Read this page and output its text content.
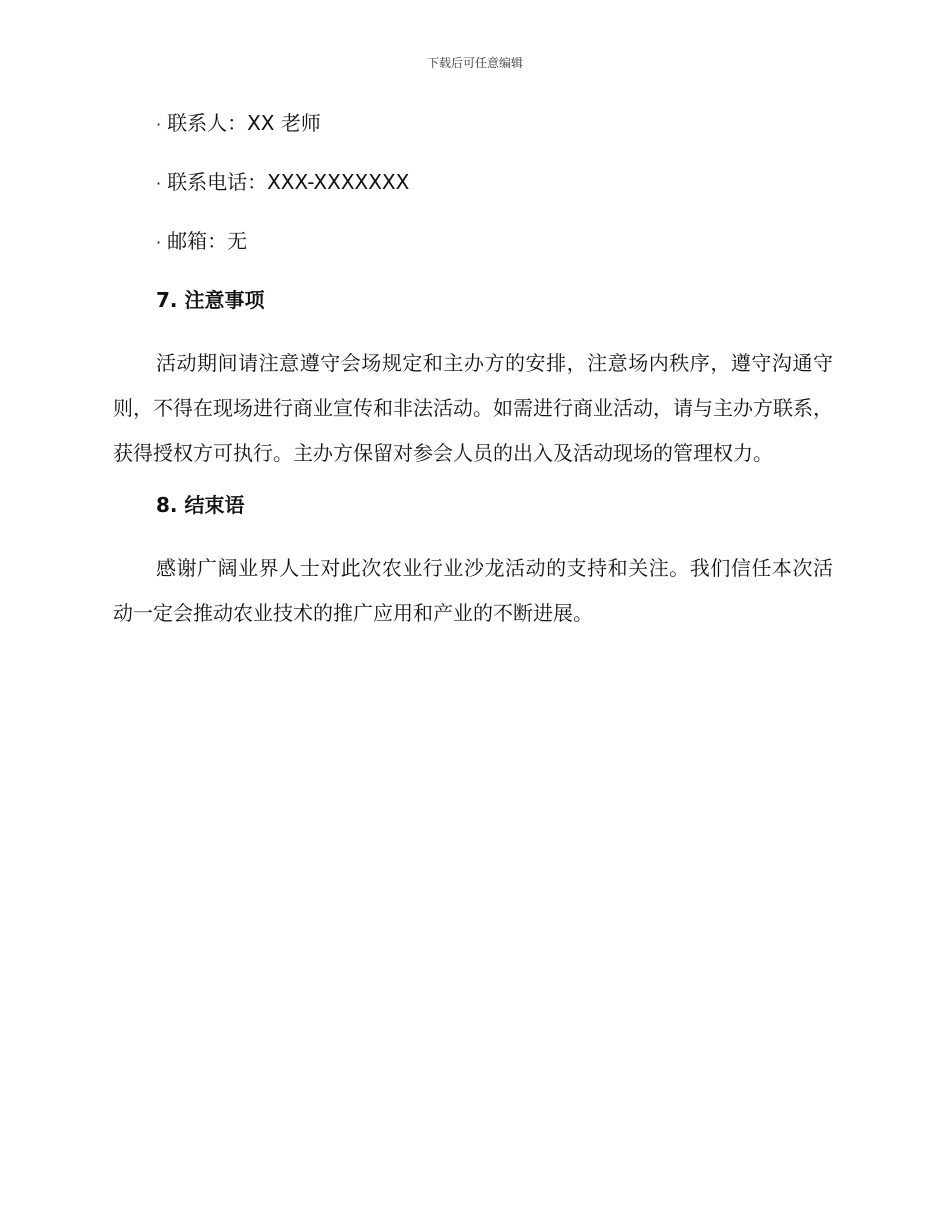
下载后可任意编辑
· 联系人：XX 老师
· 联系电话：XXX-XXXXXXX
· 邮箱：无
7. 注意事项

活动期间请注意遵守会场规定和主办方的安排，注意场内秩序，遵守沟通守则，不得在现场进行商业宣传和非法活动。如需进行商业活动，请与主办方联系，获得授权方可执行。主办方保留对参会人员的出入及活动现场的管理权力。

8. 结束语

感谢广阔业界人士对此次农业行业沙龙活动的支持和关注。我们信任本次活动一定会推动农业技术的推广应用和产业的不断进展。
